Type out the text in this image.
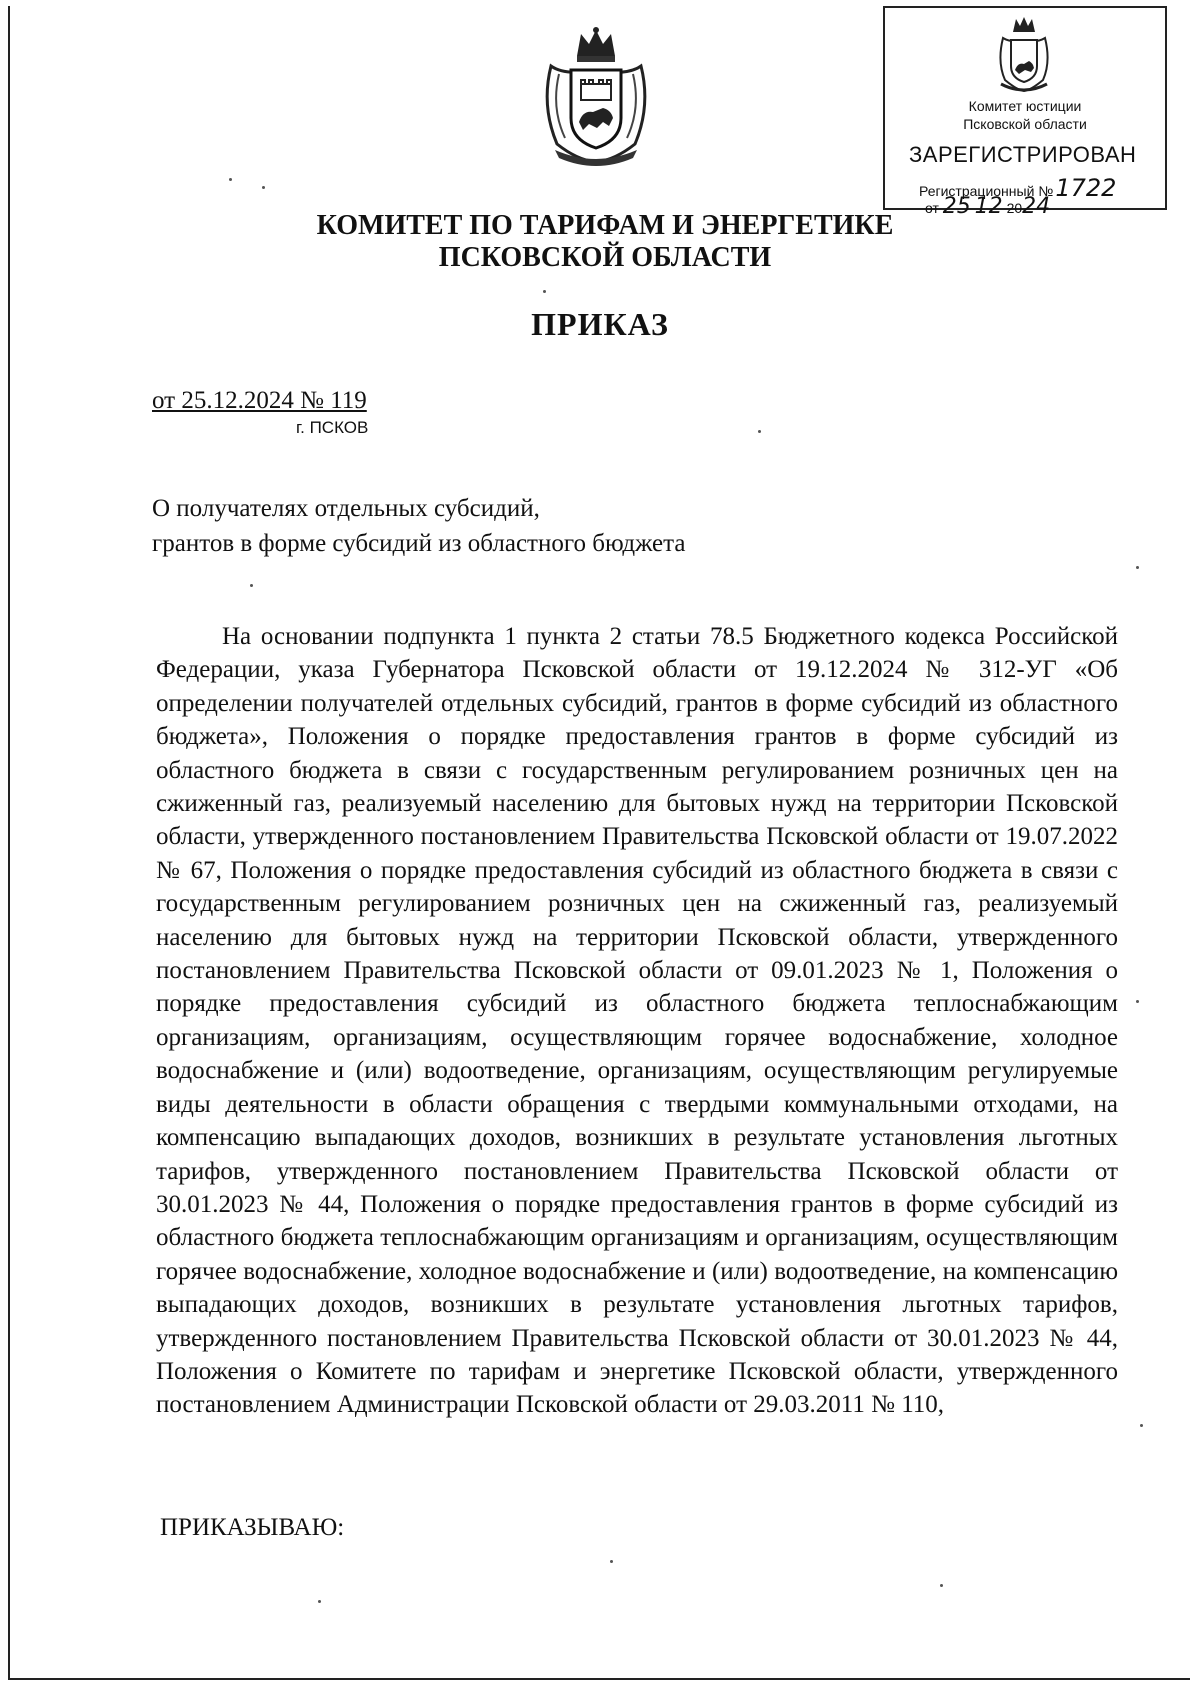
Комитет юстиции
Псковской области
ЗАРЕГИСТРИРОВАН
Регистрационный №1722
от 25 12 2024
КОМИТЕТ ПО ТАРИФАМ И ЭНЕРГЕТИКЕ
ПСКОВСКОЙ ОБЛАСТИ
ПРИКАЗ
от 25.12.2024 № 119
г. ПСКОВ
О получателях отдельных субсидий,
грантов в форме субсидий из областного бюджета

На основании подпункта 1 пункта 2 статьи 78.5 Бюджетного кодекса Российской Федерации, указа Губернатора Псковской области от 19.12.2024 № 312-УГ «Об определении получателей отдельных субсидий, грантов в форме субсидий из областного бюджета», Положения о порядке предоставления грантов в форме субсидий из областного бюджета в связи с государственным регулированием розничных цен на сжиженный газ, реализуемый населению для бытовых нужд на территории Псковской области, утвержденного постановлением Правительства Псковской области от 19.07.2022 № 67, Положения о порядке предоставления субсидий из областного бюджета в связи с государственным регулированием розничных цен на сжиженный газ, реализуемый населению для бытовых нужд на территории Псковской области, утвержденного постановлением Правительства Псковской области от 09.01.2023 № 1, Положения о порядке предоставления субсидий из областного бюджета теплоснабжающим организациям, организациям, осуществляющим горячее водоснабжение, холодное водоснабжение и (или) водоотведение, организациям, осуществляющим регулируемые виды деятельности в области обращения с твердыми коммунальными отходами, на компенсацию выпадающих доходов, возникших в результате установления льготных тарифов, утвержденного постановлением Правительства Псковской области от 30.01.2023 № 44, Положения о порядке предоставления грантов в форме субсидий из областного бюджета теплоснабжающим организациям и организациям, осуществляющим горячее водоснабжение, холодное водоснабжение и (или) водоотведение, на компенсацию выпадающих доходов, возникших в результате установления льготных тарифов, утвержденного постановлением Правительства Псковской области от 30.01.2023 № 44, Положения о Комитете по тарифам и энергетике Псковской области, утвержденного постановлением Администрации Псковской области от 29.03.2011 № 110,

ПРИКАЗЫВАЮ:
